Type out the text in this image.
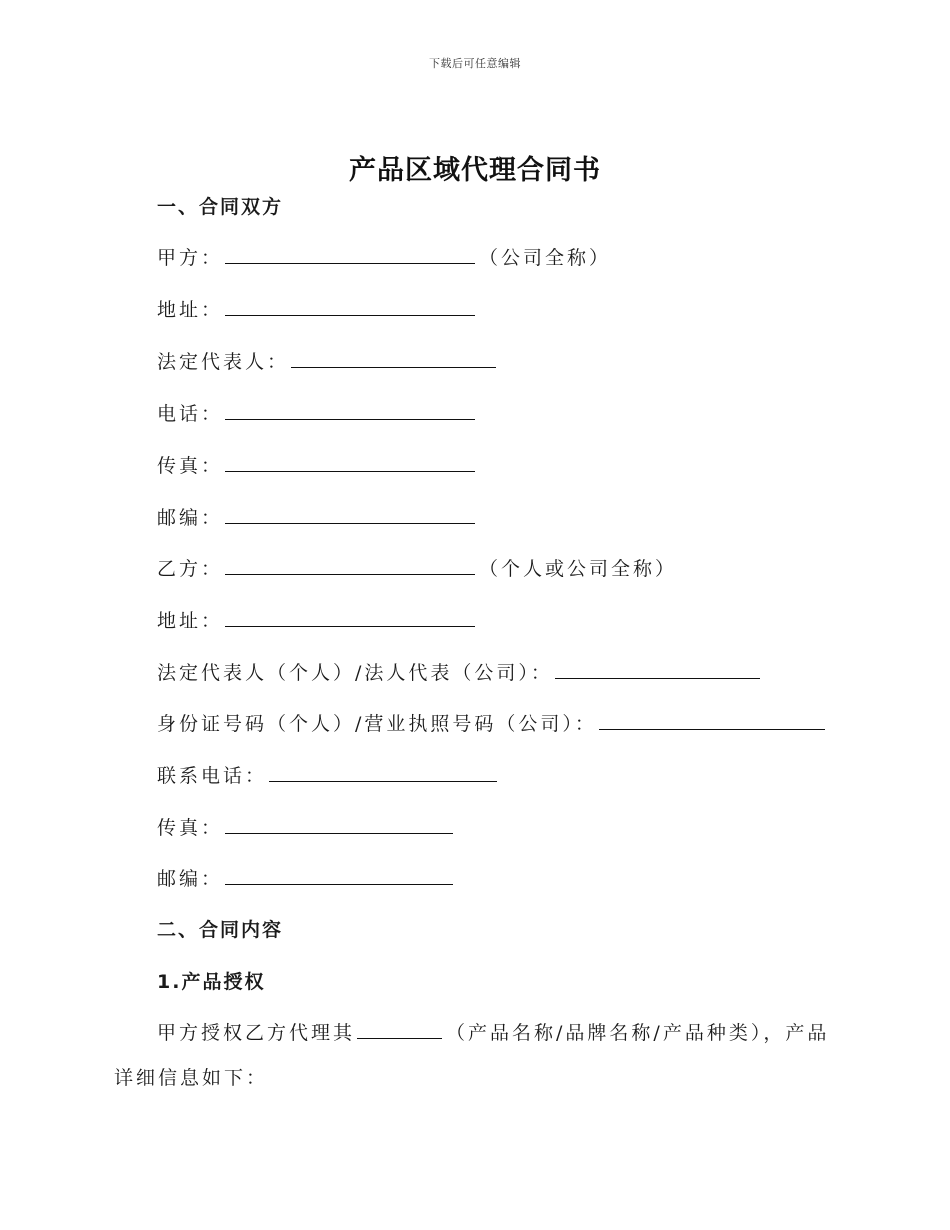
下载后可任意编辑
产品区域代理合同书
一、合同双方
甲方：	（公司全称）
地址：
法定代表人：
电话：
传真：
邮编：
乙方：	（个人或公司全称）
地址：
法定代表人（个人）/法人代表（公司）：
身份证号码（个人）/营业执照号码（公司）：
联系电话：
传真：
邮编：
二、合同内容
1.产品授权
甲方授权乙方代理其	（产品名称/品牌名称/产品种类），产品
详细信息如下：
